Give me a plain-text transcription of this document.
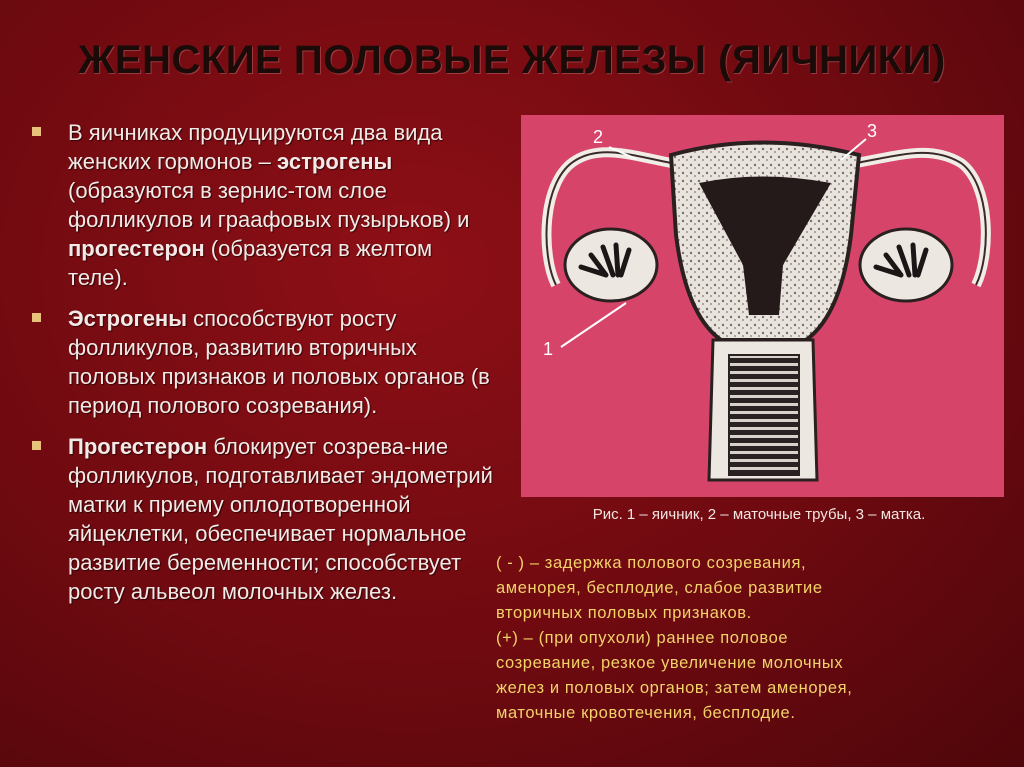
ЖЕНСКИЕ ПОЛОВЫЕ ЖЕЛЕЗЫ (ЯИЧНИКИ)
В яичниках продуцируются два вида женских гормонов – эстрогены (образуются в зернис-том слое фолликулов и граафовых пузырьков) и прогестерон (образуется в желтом теле).
Эстрогены способствуют росту фолликулов, развитию вторичных половых признаков и половых органов (в период полового созревания).
Прогестерон блокирует созрева-ние фолликулов, подготавливает эндометрий матки к приему оплодотворенной яйцеклетки, обеспечивает нормальное развитие беременности; способствует росту альвеол молочных желез.
1
2	3
Рис. 1 – яичник, 2 – маточные трубы, 3 – матка.
( - ) – задержка полового созревания,
аменорея, бесплодие, слабое развитие
вторичных половых признаков.
(+) – (при опухоли) раннее половое
созревание, резкое увеличение молочных
желез и половых органов; затем аменорея,
маточные кровотечения, бесплодие.
